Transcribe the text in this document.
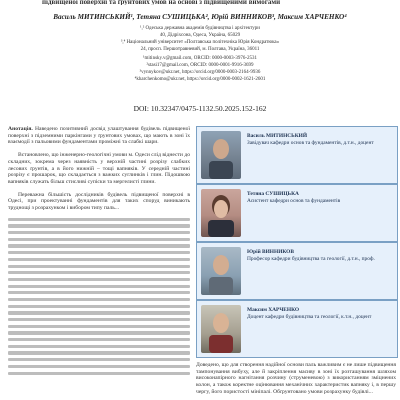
підвищеної поверхні та ґрунтових умов на основі з підвищеними вимогами
Василь МИТИНСЬКИЙ¹, Тетяна СУШИЦЬКА², Юрій ВИННИКОВ³, Максим ХАРЧЕНКО⁴
¹,² Одеська державна академія будівництва і архітектури
40, Дідрiхсона, Одеса, Україна, 65029
³,⁴ Національний університет «Полтавська політехніка Юрія Кондратюка»
24, просп. Першотравневий, м. Полтава, Україна, 36011
¹mitinsky.v@gmail.com, ORCID: 0000-0003-3976-2531
²stasi17@gmail.com, ORCID: 0000-0001-9916-3699
³vynnykov@ukr.net, https://orcid.org/0000-0003-2164-9936
⁴kharchenkomo@ukr.net, https://orcid.org/0000-0002-1621-2601
DOI: 10.32347/0475-1132.50.2025.152-162
Анотація. Наведено позитивний досвід улаштування будівель підвищеної поверхні з підземними паркінгами у ґрунтових умовах, що мають в зоні їх взаємодії з пальовими фундаментами проміжні та слабкі шари.
Встановлено, що інженерно-геологічні умови м. Одеси слід віднести до складних, зокрема через наявність у верхній частині розрізу слабких лесових ґрунтів, а в його нижній – тощі вапняків. У середній частині розрізу є прошарок, що складається з важких суглинків і глин. Підошвою вапняків служать більш стисливі супіски та мергелисті глини.
Переважна більшість дослідників будівель підвищеної поверхні в Одесі, при проектуванні фундаментів для таких споруд виникають труднощі з розрахунком і вибором типу паль...
Василь МИТИНСЬКИЙ
Завідувач кафедри основ та фундаментів, д.т.н., доцент
Тетяна СУШИЦЬКА
Асистент кафедри основ та фундаментів
Юрій ВИННИКОВ
Професор кафедри будівництва та геології, д.т.н., проф.
Максим ХАРЧЕНКО
Доцент кафедри будівництва та геології, к.т.н., доцент
Доведено, що для створення надійної основи паль важливим є не лише підвищення тампонування вибуху, але й закріплення масиву в зоні їх розташування шляхом високонапірного нагнітання розчину (струменевою) з використанням зміцнених колон, а також коректне оцінювання механічних характеристик вапняку і, в першу чергу, його пористостi мініпалі. Обґрунтовано умови розрахунку будівлі...
